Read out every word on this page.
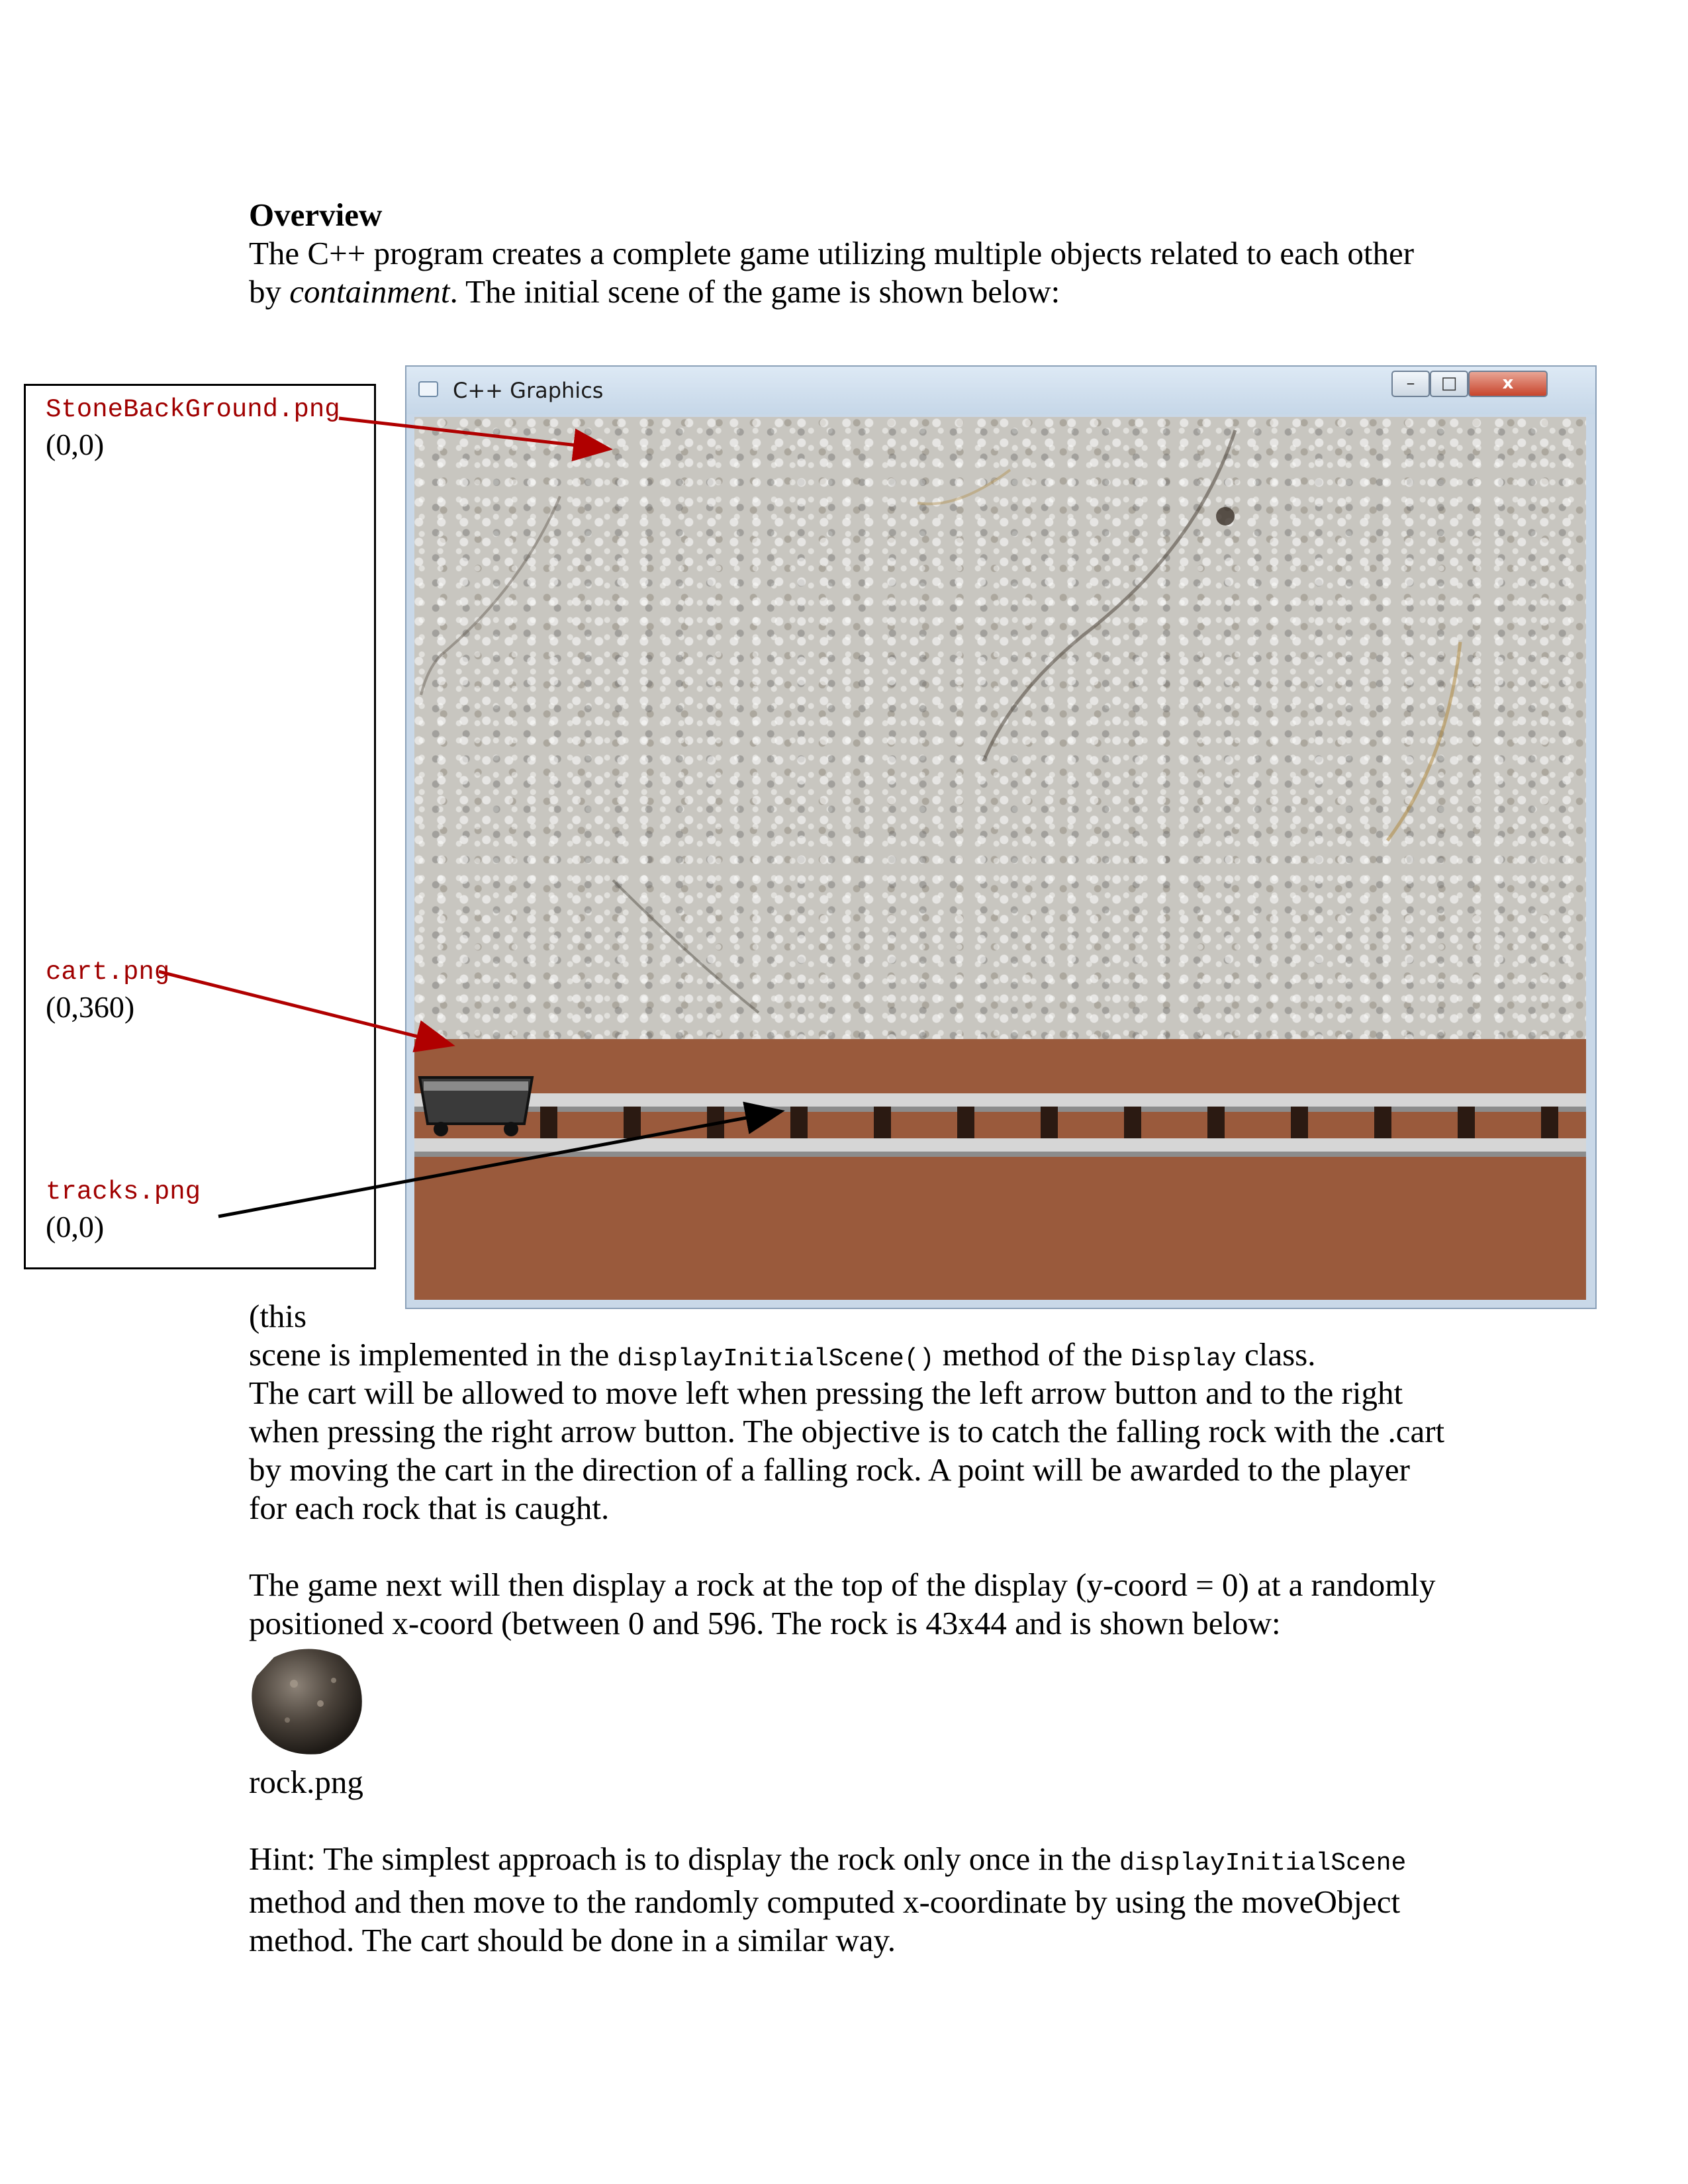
Overview
The C++ program creates a complete game utilizing multiple objects related to each other by containment. The initial scene of the game is shown below:
StoneBackGround.png
(0,0)
cart.png
(0,360)
tracks.png
(0,0)
C++ Graphics	–	□	x
(this
scene is implemented in the displayInitialScene() method of the Display class.
The cart will be allowed to move left when pressing the left arrow button and to the right when pressing the right arrow button. The objective is to catch the falling rock with the .cart by moving the cart in the direction of a falling rock. A point will be awarded to the player for each rock that is caught.
The game next will then display a rock at the top of the display (y-coord = 0) at a randomly positioned x-coord (between 0 and 596. The rock is 43x44 and is shown below:
rock.png
Hint: The simplest approach is to display the rock only once in the displayInitialScene method and then move to the randomly computed x-coordinate by using the moveObject method. The cart should be done in a similar way.
